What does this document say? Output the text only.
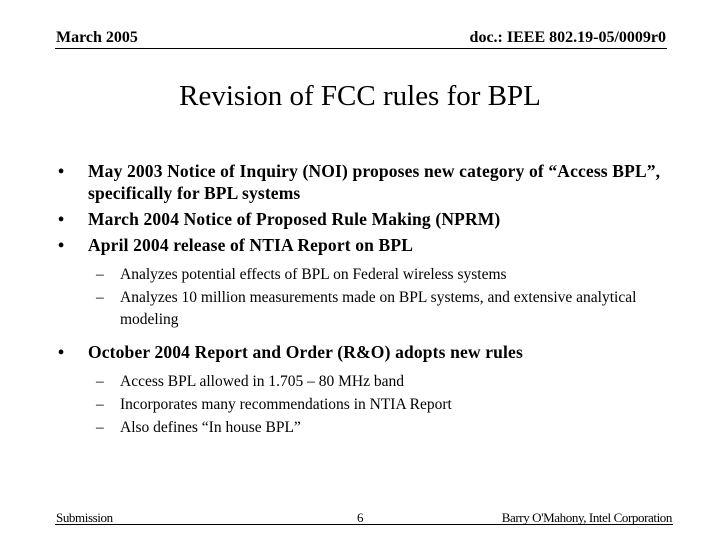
March 2005	doc.: IEEE 802.19-05/0009r0
Revision of FCC rules for BPL
• May 2003 Notice of Inquiry (NOI) proposes new category of “Access BPL”, specifically for BPL systems
• March 2004 Notice of Proposed Rule Making (NPRM)
• April 2004 release of NTIA Report on BPL
– Analyzes potential effects of BPL on Federal wireless systems
– Analyzes 10 million measurements made on BPL systems, and extensive analytical modeling
• October 2004 Report and Order (R&O) adopts new rules
– Access BPL allowed in 1.705 – 80 MHz band
– Incorporates many recommendations in NTIA Report
– Also defines “In house BPL”
Submission	6	Barry O'Mahony, Intel Corporation
